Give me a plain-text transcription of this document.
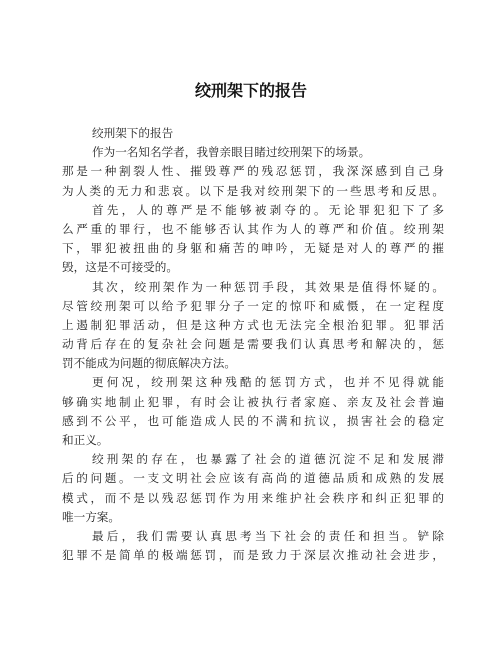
绞刑架下的报告
绞刑架下的报告
作为一名知名学者，我曾亲眼目睹过绞刑架下的场景。
那是一种割裂人性、摧毁尊严的残忍惩罚，我深深感到自己身
为人类的无力和悲哀。以下是我对绞刑架下的一些思考和反思。
首先，人的尊严是不能够被剥夺的。无论罪犯犯下了多
么严重的罪行，也不能够否认其作为人的尊严和价值。绞刑架
下，罪犯被扭曲的身躯和痛苦的呻吟，无疑是对人的尊严的摧
毁，这是不可接受的。
其次，绞刑架作为一种惩罚手段，其效果是值得怀疑的。
尽管绞刑架可以给予犯罪分子一定的惊吓和威慑，在一定程度
上遏制犯罪活动，但是这种方式也无法完全根治犯罪。犯罪活
动背后存在的复杂社会问题是需要我们认真思考和解决的，惩
罚不能成为问题的彻底解决方法。
更何况，绞刑架这种残酷的惩罚方式，也并不见得就能
够确实地制止犯罪，有时会让被执行者家庭、亲友及社会普遍
感到不公平，也可能造成人民的不满和抗议，损害社会的稳定
和正义。
绞刑架的存在，也暴露了社会的道德沉淀不足和发展滞
后的问题。一支文明社会应该有高尚的道德品质和成熟的发展
模式，而不是以残忍惩罚作为用来维护社会秩序和纠正犯罪的
唯一方案。
最后，我们需要认真思考当下社会的责任和担当。铲除
犯罪不是简单的极端惩罚，而是致力于深层次推动社会进步，
